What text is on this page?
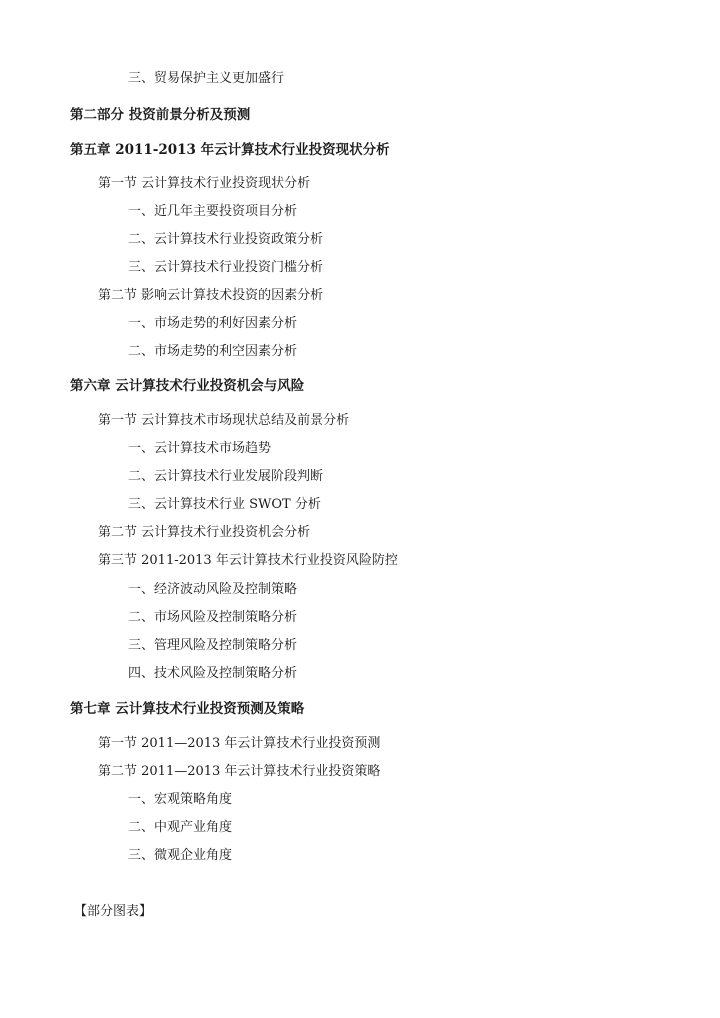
三、贸易保护主义更加盛行
第二部分 投资前景分析及预测
第五章 2011-2013 年云计算技术行业投资现状分析
第一节 云计算技术行业投资现状分析
一、近几年主要投资项目分析
二、云计算技术行业投资政策分析
三、云计算技术行业投资门槛分析
第二节 影响云计算技术投资的因素分析
一、市场走势的利好因素分析
二、市场走势的利空因素分析
第六章 云计算技术行业投资机会与风险
第一节 云计算技术市场现状总结及前景分析
一、云计算技术市场趋势
二、云计算技术行业发展阶段判断
三、云计算技术行业 SWOT 分析
第二节 云计算技术行业投资机会分析
第三节 2011-2013 年云计算技术行业投资风险防控
一、经济波动风险及控制策略
二、市场风险及控制策略分析
三、管理风险及控制策略分析
四、技术风险及控制策略分析
第七章 云计算技术行业投资预测及策略
第一节 2011—2013 年云计算技术行业投资预测
第二节 2011—2013 年云计算技术行业投资策略
一、宏观策略角度
二、中观产业角度
三、微观企业角度
【部分图表】
